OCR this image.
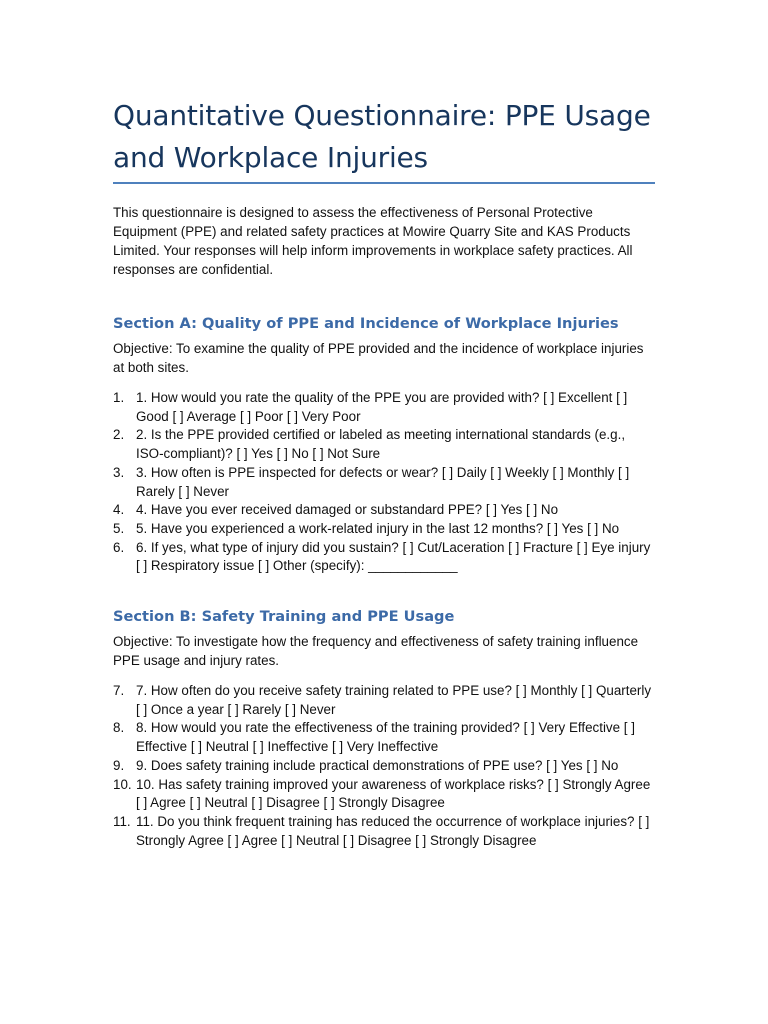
Quantitative Questionnaire: PPE Usage and Workplace Injuries

This questionnaire is designed to assess the effectiveness of Personal Protective Equipment (PPE) and related safety practices at Mowire Quarry Site and KAS Products Limited. Your responses will help inform improvements in workplace safety practices. All responses are confidential.

Section A: Quality of PPE and Incidence of Workplace Injuries

Objective: To examine the quality of PPE provided and the incidence of workplace injuries at both sites.

1. 1. How would you rate the quality of the PPE you are provided with? [ ] Excellent [ ] Good [ ] Average [ ] Poor [ ] Very Poor
2. 2. Is the PPE provided certified or labeled as meeting international standards (e.g., ISO-compliant)? [ ] Yes [ ] No [ ] Not Sure
3. 3. How often is PPE inspected for defects or wear? [ ] Daily [ ] Weekly [ ] Monthly [ ] Rarely [ ] Never
4. 4. Have you ever received damaged or substandard PPE? [ ] Yes [ ] No
5. 5. Have you experienced a work-related injury in the last 12 months? [ ] Yes [ ] No
6. 6. If yes, what type of injury did you sustain? [ ] Cut/Laceration [ ] Fracture [ ] Eye injury [ ] Respiratory issue [ ] Other (specify): ____________
Section B: Safety Training and PPE Usage

Objective: To investigate how the frequency and effectiveness of safety training influence PPE usage and injury rates.

7. 7. How often do you receive safety training related to PPE use? [ ] Monthly [ ] Quarterly [ ] Once a year [ ] Rarely [ ] Never
8. 8. How would you rate the effectiveness of the training provided? [ ] Very Effective [ ] Effective [ ] Neutral [ ] Ineffective [ ] Very Ineffective
9. 9. Does safety training include practical demonstrations of PPE use? [ ] Yes [ ] No
10. 10. Has safety training improved your awareness of workplace risks? [ ] Strongly Agree [ ] Agree [ ] Neutral [ ] Disagree [ ] Strongly Disagree
11. 11. Do you think frequent training has reduced the occurrence of workplace injuries? [ ] Strongly Agree [ ] Agree [ ] Neutral [ ] Disagree [ ] Strongly Disagree
